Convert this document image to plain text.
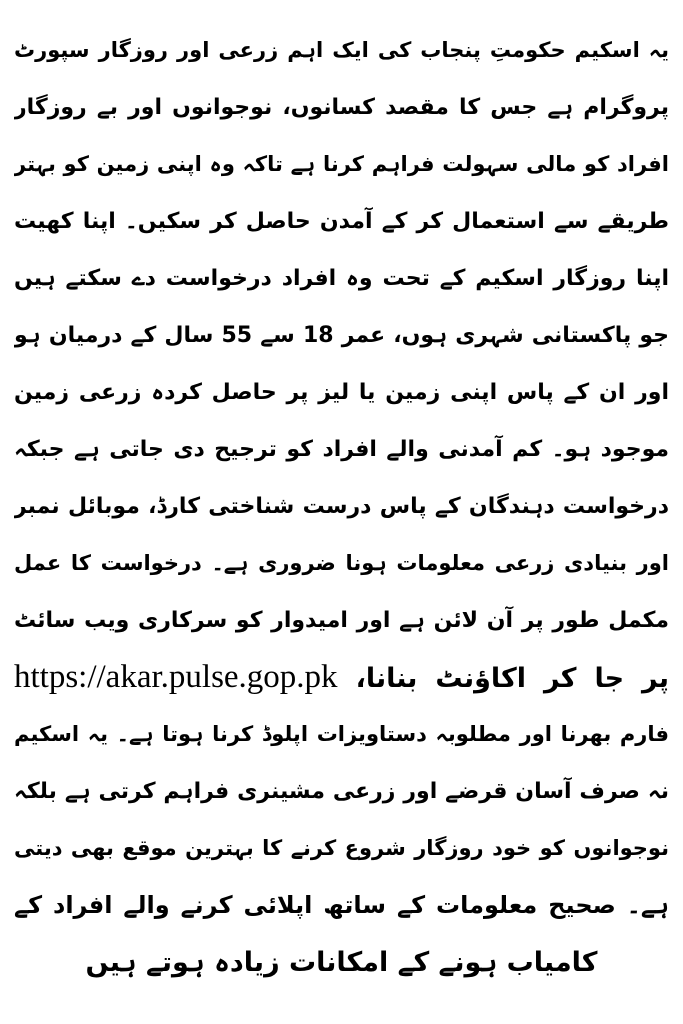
یہ اسکیم حکومتِ پنجاب کی ایک اہم زرعی اور روزگار سپورٹ
پروگرام ہے جس کا مقصد کسانوں، نوجوانوں اور بے روزگار
افراد کو مالی سہولت فراہم کرنا ہے تاکہ وہ اپنی زمین کو بہتر
طریقے سے استعمال کر کے آمدن حاصل کر سکیں۔ اپنا کھیت
اپنا روزگار اسکیم کے تحت وہ افراد درخواست دے سکتے ہیں
جو پاکستانی شہری ہوں، عمر 18 سے 55 سال کے درمیان ہو
اور ان کے پاس اپنی زمین یا لیز پر حاصل کردہ زرعی زمین
موجود ہو۔ کم آمدنی والے افراد کو ترجیح دی جاتی ہے جبکہ
درخواست دہندگان کے پاس درست شناختی کارڈ، موبائل نمبر
اور بنیادی زرعی معلومات ہونا ضروری ہے۔ درخواست کا عمل
مکمل طور پر آن لائن ہے اور امیدوار کو سرکاری ویب سائٹ
پر جا کر اکاؤنٹ بنانا، https://akar.pulse.gop.pk
فارم بھرنا اور مطلوبہ دستاویزات اپلوڈ کرنا ہوتا ہے۔ یہ اسکیم
نہ صرف آسان قرضے اور زرعی مشینری فراہم کرتی ہے بلکہ
نوجوانوں کو خود روزگار شروع کرنے کا بہترین موقع بھی دیتی
ہے۔ صحیح معلومات کے ساتھ اپلائی کرنے والے افراد کے
کامیاب ہونے کے امکانات زیادہ ہوتے ہیں
